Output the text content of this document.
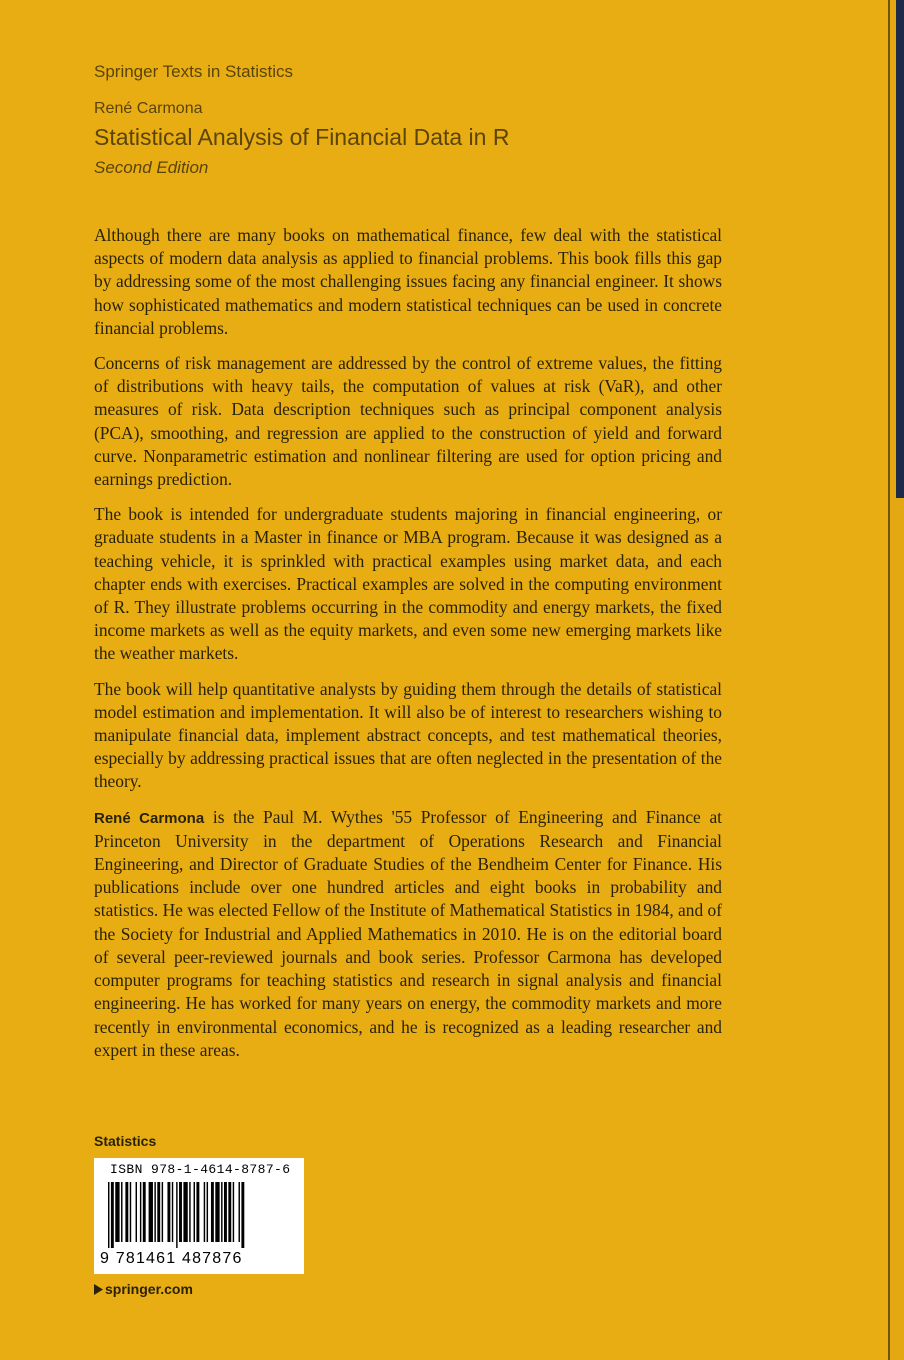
Springer Texts in Statistics
René Carmona
Statistical Analysis of Financial Data in R
Second Edition

Although there are many books on mathematical finance, few deal with the statistical aspects of modern data analysis as applied to financial problems. This book fills this gap by addressing some of the most challenging issues facing any financial engineer. It shows how sophisticated mathematics and modern statistical techniques can be used in concrete financial problems.

Concerns of risk management are addressed by the control of extreme values, the fitting of distributions with heavy tails, the computation of values at risk (VaR), and other measures of risk. Data description techniques such as principal component analysis (PCA), smoothing, and regression are applied to the construction of yield and forward curve. Nonparametric estimation and nonlinear filtering are used for option pricing and earnings prediction.

The book is intended for undergraduate students majoring in financial engineering, or graduate students in a Master in finance or MBA program. Because it was designed as a teaching vehicle, it is sprinkled with practical examples using market data, and each chapter ends with exercises. Practical examples are solved in the computing environment of R. They illustrate problems occurring in the commodity and energy markets, the fixed income markets as well as the equity markets, and even some new emerging markets like the weather markets.

The book will help quantitative analysts by guiding them through the details of statistical model estimation and implementation. It will also be of interest to researchers wishing to manipulate financial data, implement abstract concepts, and test mathematical theories, especially by addressing practical issues that are often neglected in the presentation of the theory.

René Carmona is the Paul M. Wythes '55 Professor of Engineering and Finance at Princeton University in the department of Operations Research and Financial Engineering, and Director of Graduate Studies of the Bendheim Center for Finance. His publications include over one hundred articles and eight books in probability and statistics. He was elected Fellow of the Institute of Mathematical Statistics in 1984, and of the Society for Industrial and Applied Mathematics in 2010. He is on the editorial board of several peer-reviewed journals and book series. Professor Carmona has developed computer programs for teaching statistics and research in signal analysis and financial engineering. He has worked for many years on energy, the commodity markets and more recently in environmental economics, and he is recognized as a leading researcher and expert in these areas.

Statistics
ISBN 978-1-4614-8787-6
9 781461 487876
springer.com
